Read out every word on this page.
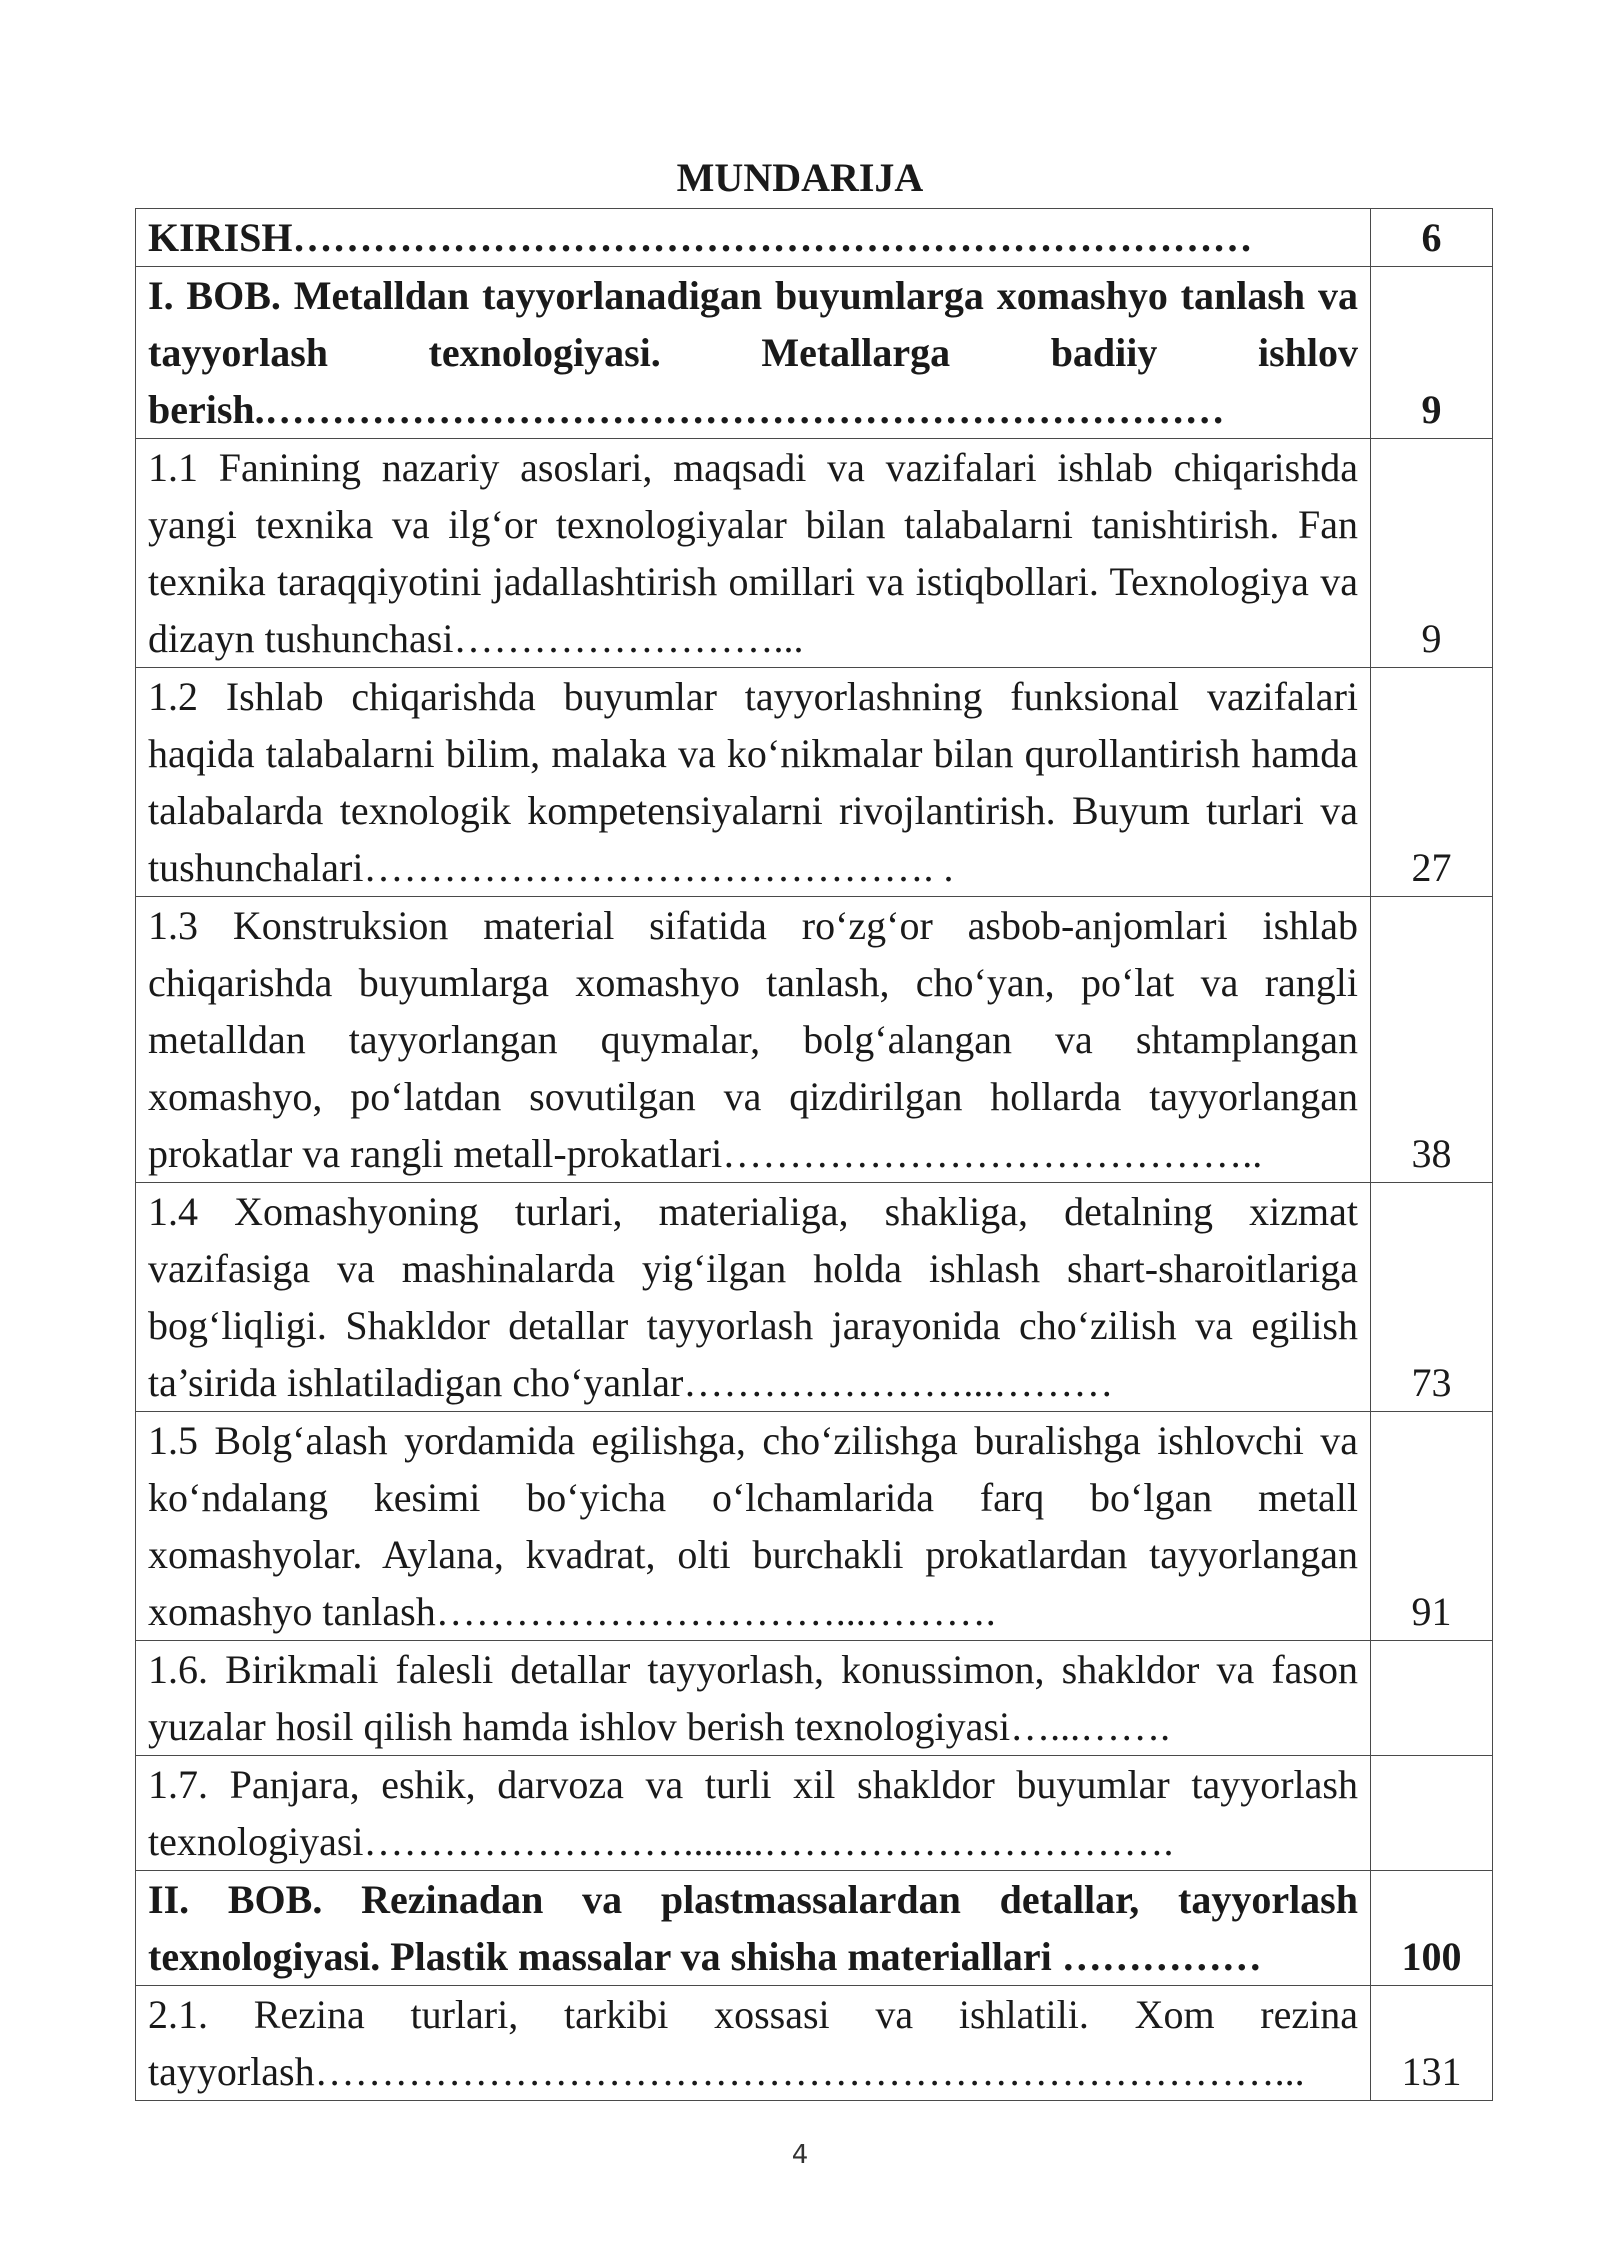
MUNDARIJA
KIRISH………………………………………………………………	6
I. BOB. Metalldan tayyorlanadigan buyumlarga xomashyo tanlash va tayyorlash texnologiyasi. Metallarga badiiy ishlov berish.………………………………………………………………	9
1.1 Fanining nazariy asoslari, maqsadi va vazifalari ishlab chiqarishda yangi texnika va ilg‘or texnologiyalar bilan talabalarni tanishtirish. Fan texnika taraqqiyotini jadallashtirish omillari va istiqbollari. Texnologiya va dizayn tushunchasi……………………...	9
1.2 Ishlab chiqarishda buyumlar tayyorlashning funksional vazifalari haqida talabalarni bilim, malaka va ko‘nikmalar bilan qurollantirish hamda talabalarda texnologik kompetensiyalarni rivojlantirish. Buyum turlari va tushunchalari……………………………………. .	27
1.3 Konstruksion material sifatida ro‘zg‘or asbob-anjomlari ishlab chiqarishda buyumlarga xomashyo tanlash, cho‘yan, po‘lat va rangli metalldan tayyorlangan quymalar, bolg‘alangan va shtamplangan xomashyo, po‘latdan sovutilgan va qizdirilgan hollarda tayyorlangan prokatlar va rangli metall-prokatlari…………………………………..	38
1.4 Xomashyoning turlari, materialiga, shakliga, detalning xizmat vazifasiga va mashinalarda yig‘ilgan holda ishlash shart-sharoitlariga bog‘liqligi. Shakldor detallar tayyorlash jarayonida cho‘zilish va egilish ta’sirida ishlatiladigan cho‘yanlar…………………...………	73
1.5 Bolg‘alash yordamida egilishga, cho‘zilishga buralishga ishlovchi va ko‘ndalang kesimi bo‘yicha o‘lchamlarida farq bo‘lgan metall xomashyolar. Aylana, kvadrat, olti burchakli prokatlardan tayyorlangan xomashyo tanlash…………………………...……….	91
1.6. Birikmali falesli detallar tayyorlash, konussimon, shakldor va fason yuzalar hosil qilish hamda ishlov berish texnologiyasi…...…….	
1.7. Panjara, eshik, darvoza va turli xil shakldor buyumlar tayyorlash texnologiyasi……………………........………………………….	
II. BOB. Rezinadan va plastmassalardan detallar, tayyorlash texnologiyasi. Plastik massalar va shisha materiallari ……………	100
2.1. Rezina turlari, tarkibi xossasi va ishlatili. Xom rezina tayyorlash………………………………………………………………...	131
4
